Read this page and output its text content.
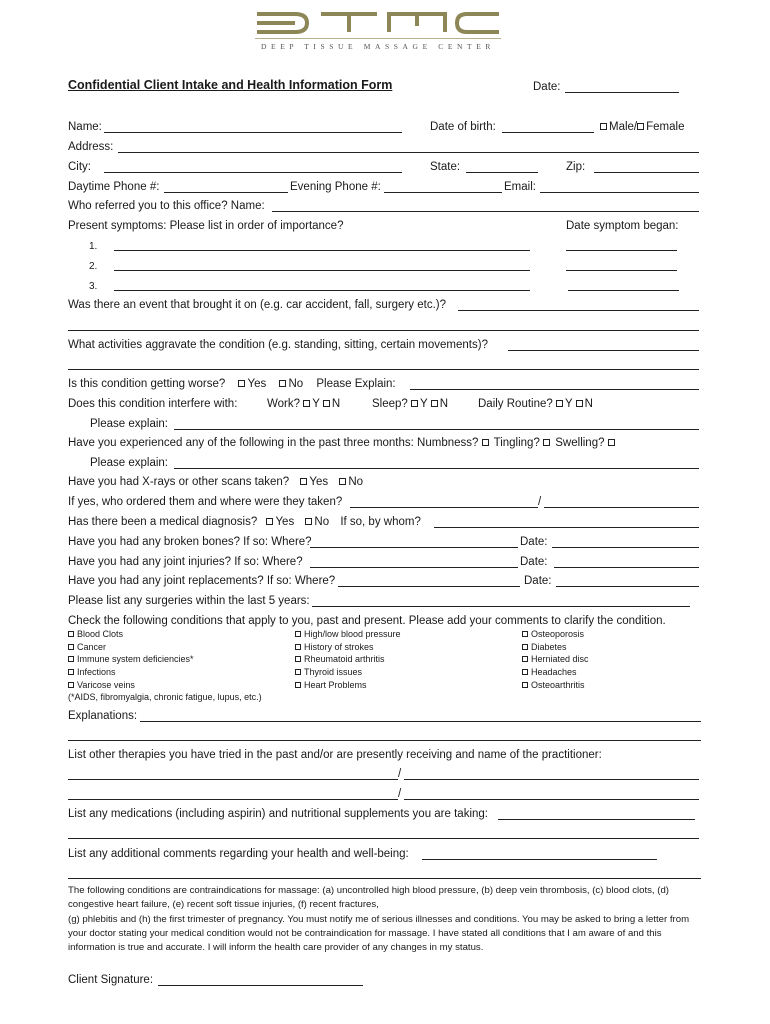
DEEP TISSUE MASSAGE CENTER
Confidential Client Intake and Health Information Form	Date:
Name:	Date of birth:	Male/ Female
Address:
City:	State:	Zip:
Daytime Phone #:	Evening Phone #:	Email:
Who referred you to this office? Name:
Present symptoms: Please list in order of importance?	Date symptom began:
1.
2.
3.
Was there an event that brought it on (e.g. car accident, fall, surgery etc.)?
What activities aggravate the condition (e.g. standing, sitting, certain movements)?
Is this condition getting worse? Yes No Please Explain:
Does this condition interfere with:	Work? Y N	Sleep? Y N	Daily Routine? Y N
Please explain:
Have you experienced any of the following in the past three months: Numbness? Tingling? Swelling?
Please explain:
Have you had X-rays or other scans taken? Yes No
If yes, who ordered them and where were they taken?	/
Has there been a medical diagnosis? Yes No If so, by whom?
Have you had any broken bones? If so: Where?	Date:
Have you had any joint injuries? If so: Where?	Date:
Have you had any joint replacements? If so: Where?	Date:
Please list any surgeries within the last 5 years:
Check the following conditions that apply to you, past and present. Please add your comments to clarify the condition.
Blood Clots
Cancer
Immune system deficiencies*
Infections
Varicose veins
(*AIDS, fibromyalgia, chronic fatigue, lupus, etc.)
High/low blood pressure
History of strokes
Rheumatoid arthritis
Thyroid issues
Heart Problems
Osteoporosis
Diabetes
Herniated disc
Headaches
Osteoarthritis
Explanations:
List other therapies you have tried in the past and/or are presently receiving and name of the practitioner:
/
/
List any medications (including aspirin) and nutritional supplements you are taking:
List any additional comments regarding your health and well-being:
The following conditions are contraindications for massage: (a) uncontrolled high blood pressure, (b) deep vein thrombosis, (c) blood clots, (d) congestive heart failure, (e) recent soft tissue injuries, (f) recent fractures,
(g) phlebitis and (h) the first trimester of pregnancy. You must notify me of serious illnesses and conditions. You may be asked to bring a letter from your doctor stating your medical condition would not be contraindication for massage. I have stated all conditions that I am aware of and this information is true and accurate. I will inform the health care provider of any changes in my status.
Client Signature:
